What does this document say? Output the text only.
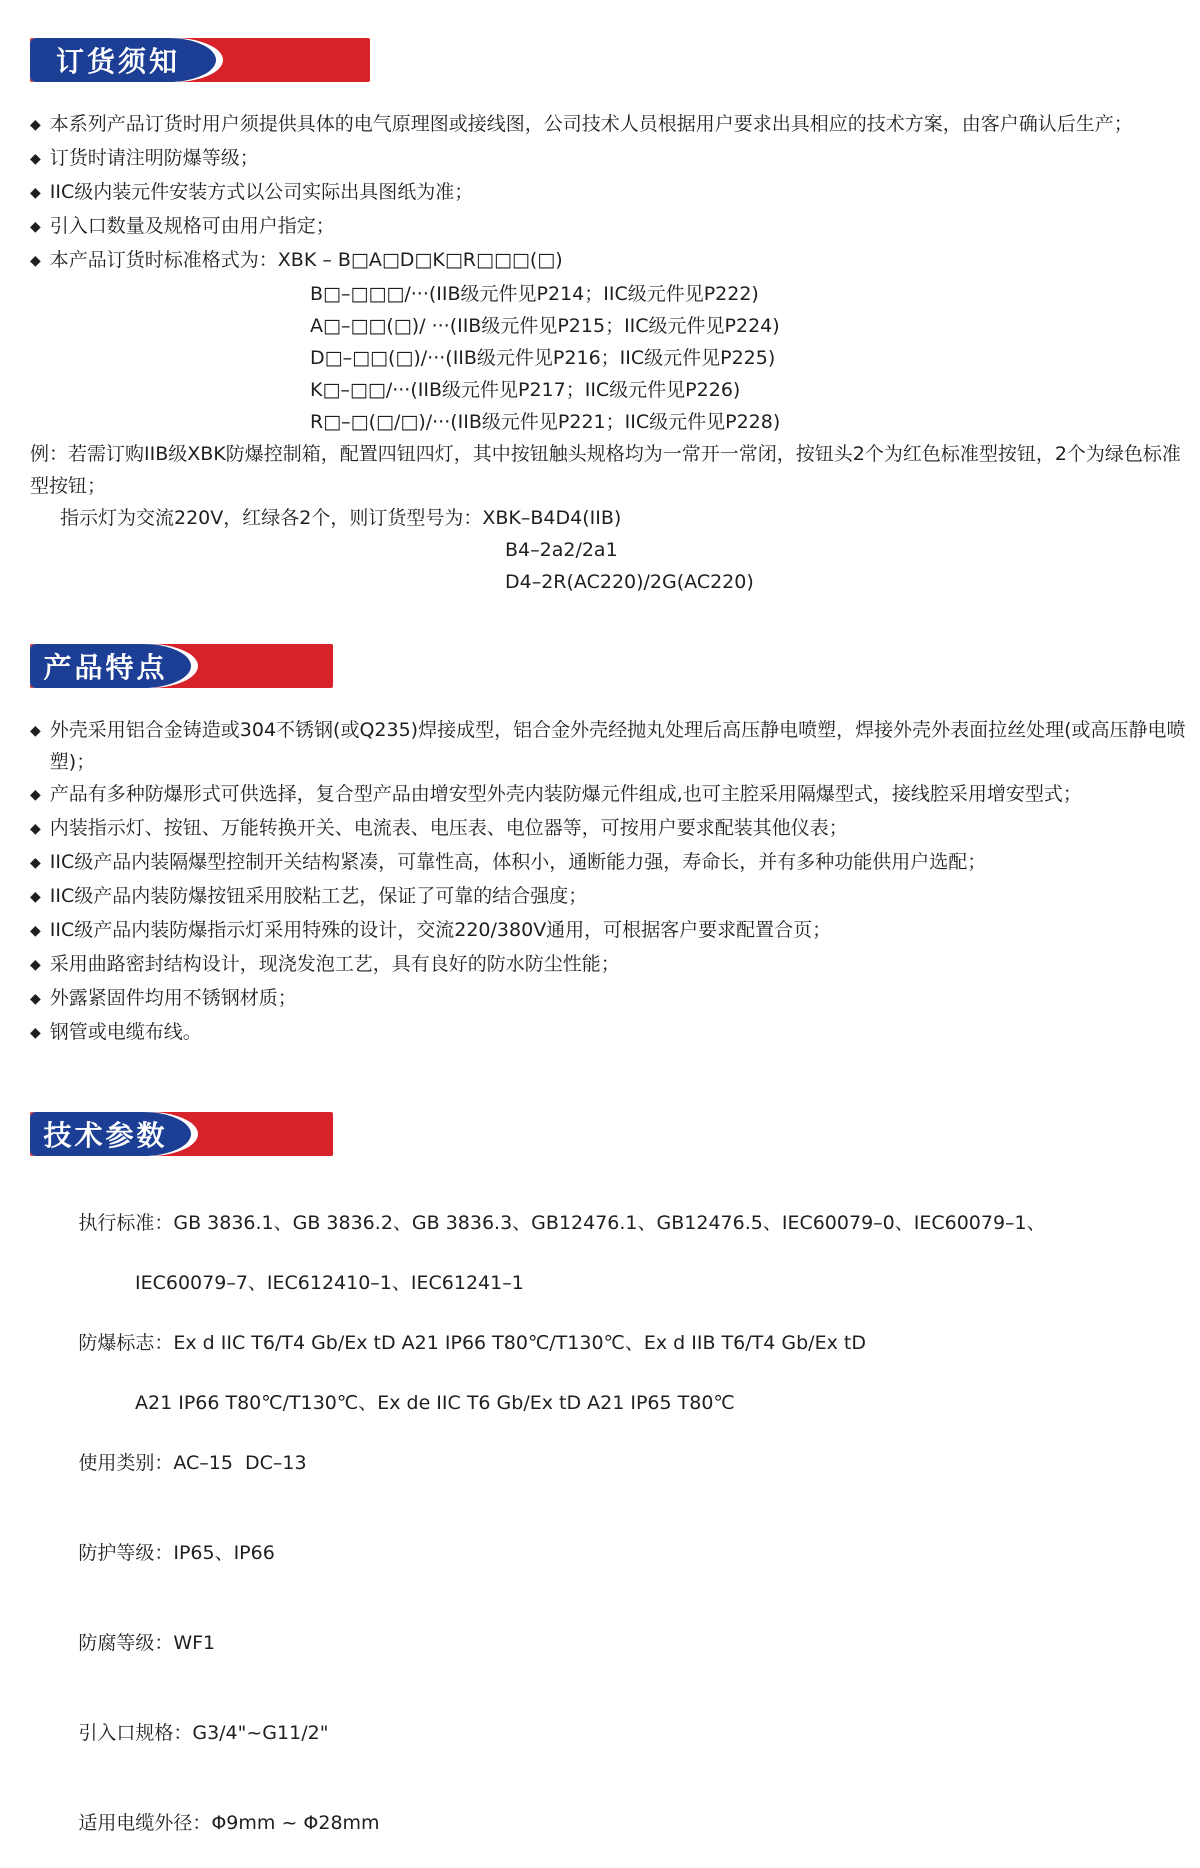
订货须知
◆ 本系列产品订货时用户须提供具体的电气原理图或接线图，公司技术人员根据用户要求出具相应的技术方案，由客户确认后生产；
◆ 订货时请注明防爆等级；
◆ IIC级内装元件安装方式以公司实际出具图纸为准；
◆ 引入口数量及规格可由用户指定；
◆ 本产品订货时标准格式为：XBK – B□A□D□K□R□□□(□)
B□–□□□/···(IIB级元件见P214；IIC级元件见P222)
A□–□□(□)/ ···(IIB级元件见P215；IIC级元件见P224)
D□–□□(□)/···(IIB级元件见P216；IIC级元件见P225)
K□–□□/···(IIB级元件见P217；IIC级元件见P226)
R□–□(□/□)/···(IIB级元件见P221；IIC级元件见P228)
例：若需订购IIB级XBK防爆控制箱，配置四钮四灯，其中按钮触头规格均为一常开一常闭，按钮头2个为红色标准型按钮，2个为绿色标准型按钮；
指示灯为交流220V，红绿各2个，则订货型号为：XBK–B4D4(IIB)
B4–2a2/2a1
D4–2R(AC220)/2G(AC220)
产品特点
◆ 外壳采用铝合金铸造或304不锈钢(或Q235)焊接成型，铝合金外壳经抛丸处理后高压静电喷塑，焊接外壳外表面拉丝处理(或高压静电喷塑)；
◆ 产品有多种防爆形式可供选择，复合型产品由增安型外壳内装防爆元件组成,也可主腔采用隔爆型式，接线腔采用增安型式；
◆ 内装指示灯、按钮、万能转换开关、电流表、电压表、电位器等，可按用户要求配装其他仪表；
◆ IIC级产品内装隔爆型控制开关结构紧凑，可靠性高，体积小，通断能力强，寿命长，并有多种功能供用户选配；
◆ IIC级产品内装防爆按钮采用胶粘工艺，保证了可靠的结合强度；
◆ IIC级产品内装防爆指示灯采用特殊的设计，交流220/380V通用，可根据客户要求配置合页；
◆ 采用曲路密封结构设计，现浇发泡工艺，具有良好的防水防尘性能；
◆ 外露紧固件均用不锈钢材质；
◆ 钢管或电缆布线。
技术参数

执行标准：GB 3836.1、GB 3836.2、GB 3836.3、GB12476.1、GB12476.5、IEC60079–0、IEC60079–1、

IEC60079–7、IEC612410–1、IEC61241–1

防爆标志：Ex d IIC T6/T4 Gb/Ex tD A21 IP66 T80℃/T130℃、Ex d IIB T6/T4 Gb/Ex tD

A21 IP66 T80℃/T130℃、Ex de IIC T6 Gb/Ex tD A21 IP65 T80℃

使用类别：AC–15  DC–13

防护等级：IP65、IP66

防腐等级：WF1

引入口规格：G3/4"~G11/2"

适用电缆外径：Φ9mm ~ Φ28mm
